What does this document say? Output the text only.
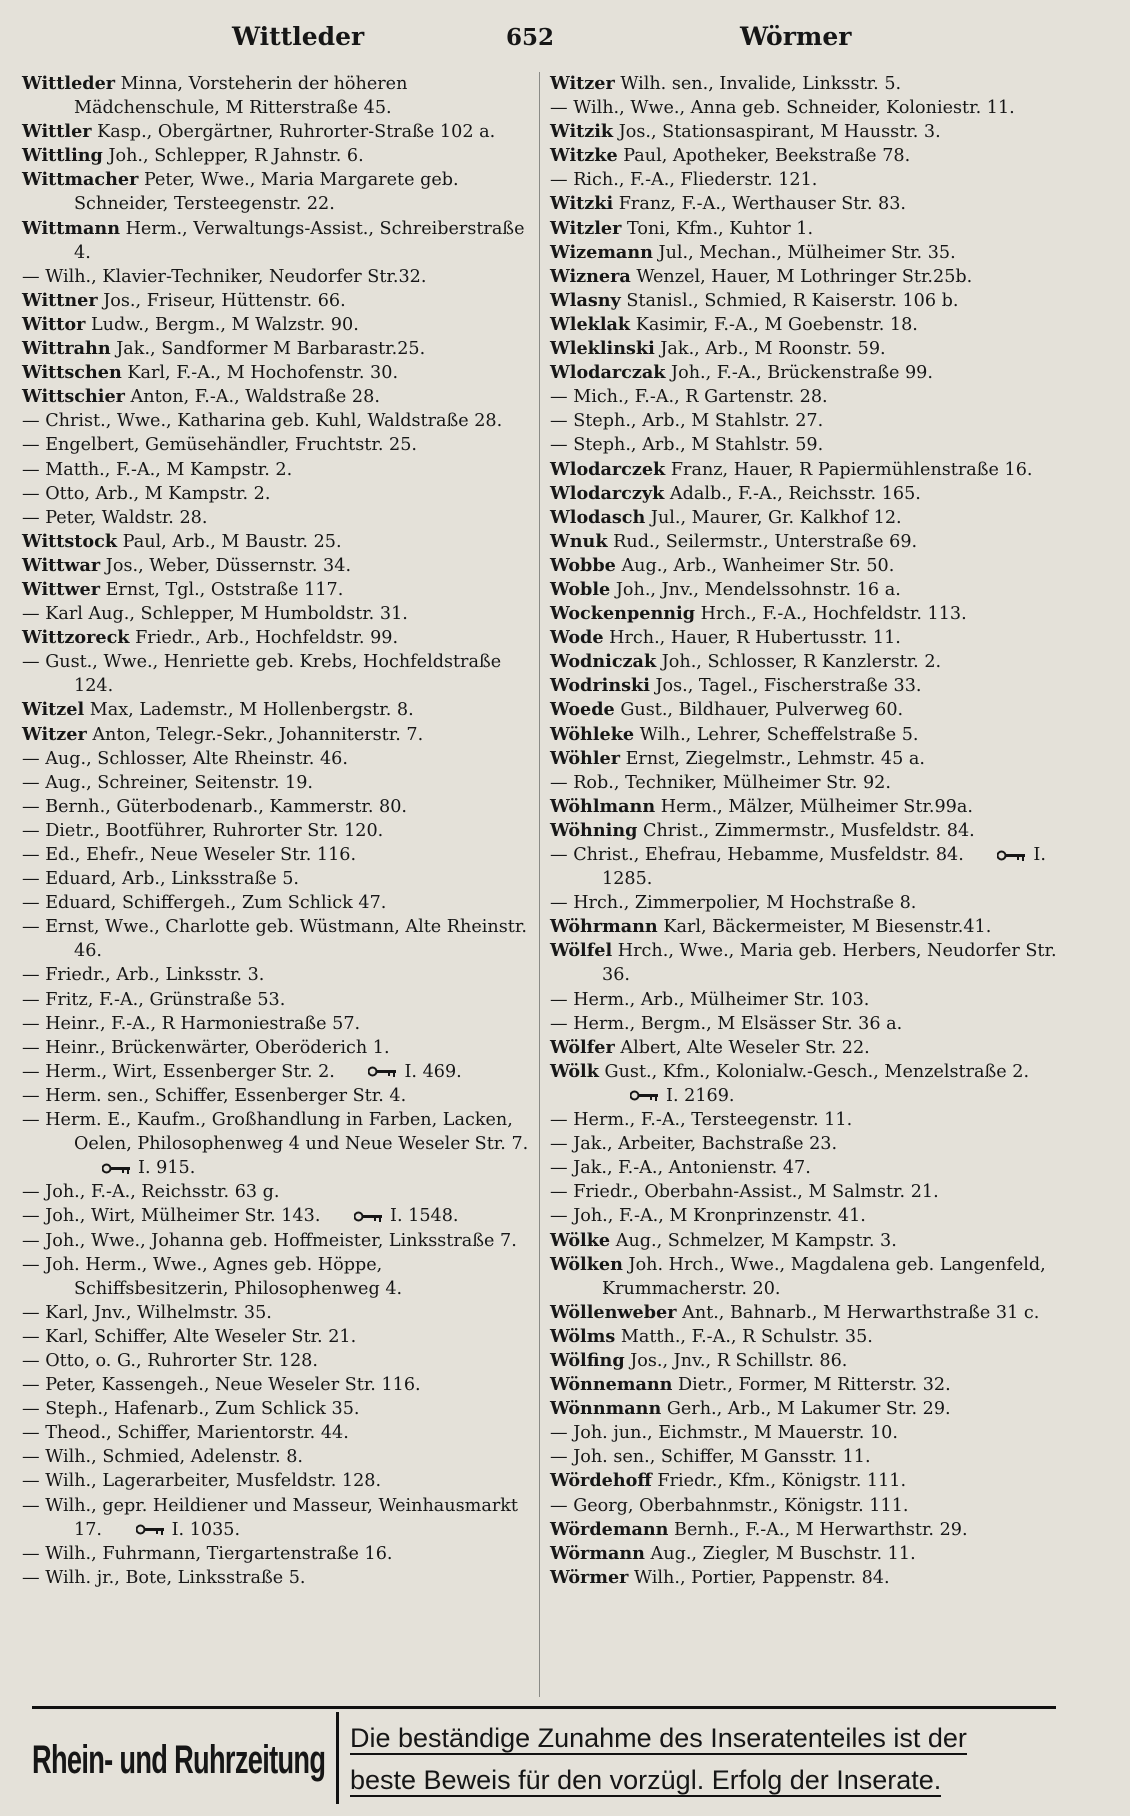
Wittleder	652	Wörmer
Wittleder Minna, Vorsteherin der höheren Mädchenschule, M Ritterstraße 45.
Wittler Kasp., Obergärtner, Ruhrorter-Straße 102 a.
Wittling Joh., Schlepper, R Jahnstr. 6.
Wittmacher Peter, Wwe., Maria Margarete geb. Schneider, Tersteegenstr. 22.
Wittmann Herm., Verwaltungs-Assist., Schreiberstraße 4.
— Wilh., Klavier-Techniker, Neudorfer Str.32.
Wittner Jos., Friseur, Hüttenstr. 66.
Wittor Ludw., Bergm., M Walzstr. 90.
Wittrahn Jak., Sandformer M Barbarastr.25.
Wittschen Karl, F.-A., M Hochofenstr. 30.
Wittschier Anton, F.-A., Waldstraße 28.
— Christ., Wwe., Katharina geb. Kuhl, Waldstraße 28.
— Engelbert, Gemüsehändler, Fruchtstr. 25.
— Matth., F.-A., M Kampstr. 2.
— Otto, Arb., M Kampstr. 2.
— Peter, Waldstr. 28.
Wittstock Paul, Arb., M Baustr. 25.
Wittwar Jos., Weber, Düssernstr. 34.
Wittwer Ernst, Tgl., Oststraße 117.
— Karl Aug., Schlepper, M Humboldstr. 31.
Wittzoreck Friedr., Arb., Hochfeldstr. 99.
— Gust., Wwe., Henriette geb. Krebs, Hochfeldstraße 124.
Witzel Max, Lademstr., M Hollenbergstr. 8.
Witzer Anton, Telegr.-Sekr., Johanniterstr. 7.
— Aug., Schlosser, Alte Rheinstr. 46.
— Aug., Schreiner, Seitenstr. 19.
— Bernh., Güterbodenarb., Kammerstr. 80.
— Dietr., Bootführer, Ruhrorter Str. 120.
— Ed., Ehefr., Neue Weseler Str. 116.
— Eduard, Arb., Linksstraße 5.
— Eduard, Schiffergeh., Zum Schlick 47.
— Ernst, Wwe., Charlotte geb. Wüstmann, Alte Rheinstr. 46.
— Friedr., Arb., Linksstr. 3.
— Fritz, F.-A., Grünstraße 53.
— Heinr., F.-A., R Harmoniestraße 57.
— Heinr., Brückenwärter, Oberöderich 1.
— Herm., Wirt, Essenberger Str. 2.	I. 469.
— Herm. sen., Schiffer, Essenberger Str. 4.
— Herm. E., Kaufm., Großhandlung in Farben, Lacken, Oelen, Philosophenweg 4 und Neue Weseler Str. 7.
I. 915.
— Joh., F.-A., Reichsstr. 63 g.
— Joh., Wirt, Mülheimer Str. 143.	I. 1548.
— Joh., Wwe., Johanna geb. Hoffmeister, Linksstraße 7.
— Joh. Herm., Wwe., Agnes geb. Höppe, Schiffsbesitzerin, Philosophenweg 4.
— Karl, Jnv., Wilhelmstr. 35.
— Karl, Schiffer, Alte Weseler Str. 21.
— Otto, o. G., Ruhrorter Str. 128.
— Peter, Kassengeh., Neue Weseler Str. 116.
— Steph., Hafenarb., Zum Schlick 35.
— Theod., Schiffer, Marientorstr. 44.
— Wilh., Schmied, Adelenstr. 8.
— Wilh., Lagerarbeiter, Musfeldstr. 128.
— Wilh., gepr. Heildiener und Masseur, Weinhausmarkt 17.	I. 1035.
— Wilh., Fuhrmann, Tiergartenstraße 16.
— Wilh. jr., Bote, Linksstraße 5.
Witzer Wilh. sen., Invalide, Linksstr. 5.
— Wilh., Wwe., Anna geb. Schneider, Koloniestr. 11.
Witzik Jos., Stationsaspirant, M Hausstr. 3.
Witzke Paul, Apotheker, Beekstraße 78.
— Rich., F.-A., Fliederstr. 121.
Witzki Franz, F.-A., Werthauser Str. 83.
Witzler Toni, Kfm., Kuhtor 1.
Wizemann Jul., Mechan., Mülheimer Str. 35.
Wiznera Wenzel, Hauer, M Lothringer Str.25b.
Wlasny Stanisl., Schmied, R Kaiserstr. 106 b.
Wleklak Kasimir, F.-A., M Goebenstr. 18.
Wleklinski Jak., Arb., M Roonstr. 59.
Wlodarczak Joh., F.-A., Brückenstraße 99.
— Mich., F.-A., R Gartenstr. 28.
— Steph., Arb., M Stahlstr. 27.
— Steph., Arb., M Stahlstr. 59.
Wlodarczek Franz, Hauer, R Papiermühlenstraße 16.
Wlodarczyk Adalb., F.-A., Reichsstr. 165.
Wlodasch Jul., Maurer, Gr. Kalkhof 12.
Wnuk Rud., Seilermstr., Unterstraße 69.
Wobbe Aug., Arb., Wanheimer Str. 50.
Woble Joh., Jnv., Mendelssohnstr. 16 a.
Wockenpennig Hrch., F.-A., Hochfeldstr. 113.
Wode Hrch., Hauer, R Hubertusstr. 11.
Wodniczak Joh., Schlosser, R Kanzlerstr. 2.
Wodrinski Jos., Tagel., Fischerstraße 33.
Woede Gust., Bildhauer, Pulverweg 60.
Wöhleke Wilh., Lehrer, Scheffelstraße 5.
Wöhler Ernst, Ziegelmstr., Lehmstr. 45 a.
— Rob., Techniker, Mülheimer Str. 92.
Wöhlmann Herm., Mälzer, Mülheimer Str.99a.
Wöhning Christ., Zimmermstr., Musfeldstr. 84.
— Christ., Ehefrau, Hebamme, Musfeldstr. 84.	I. 1285.
— Hrch., Zimmerpolier, M Hochstraße 8.
Wöhrmann Karl, Bäckermeister, M Biesenstr.41.
Wölfel Hrch., Wwe., Maria geb. Herbers, Neudorfer Str. 36.
— Herm., Arb., Mülheimer Str. 103.
— Herm., Bergm., M Elsässer Str. 36 a.
Wölfer Albert, Alte Weseler Str. 22.
Wölk Gust., Kfm., Kolonialw.-Gesch., Menzelstraße 2.
I. 2169.
— Herm., F.-A., Tersteegenstr. 11.
— Jak., Arbeiter, Bachstraße 23.
— Jak., F.-A., Antonienstr. 47.
— Friedr., Oberbahn-Assist., M Salmstr. 21.
— Joh., F.-A., M Kronprinzenstr. 41.
Wölke Aug., Schmelzer, M Kampstr. 3.
Wölken Joh. Hrch., Wwe., Magdalena geb. Langenfeld, Krummacherstr. 20.
Wöllenweber Ant., Bahnarb., M Herwarthstraße 31 c.
Wölms Matth., F.-A., R Schulstr. 35.
Wölfing Jos., Jnv., R Schillstr. 86.
Wönnemann Dietr., Former, M Ritterstr. 32.
Wönnmann Gerh., Arb., M Lakumer Str. 29.
— Joh. jun., Eichmstr., M Mauerstr. 10.
— Joh. sen., Schiffer, M Gansstr. 11.
Wördehoff Friedr., Kfm., Königstr. 111.
— Georg, Oberbahnmstr., Königstr. 111.
Wördemann Bernh., F.-A., M Herwarthstr. 29.
Wörmann Aug., Ziegler, M Buschstr. 11.
Wörmer Wilh., Portier, Pappenstr. 84.
Rhein- und Ruhrzeitung Die beständige Zunahme des Inseratenteiles ist der
beste Beweis für den vorzügl. Erfolg der Inserate.
